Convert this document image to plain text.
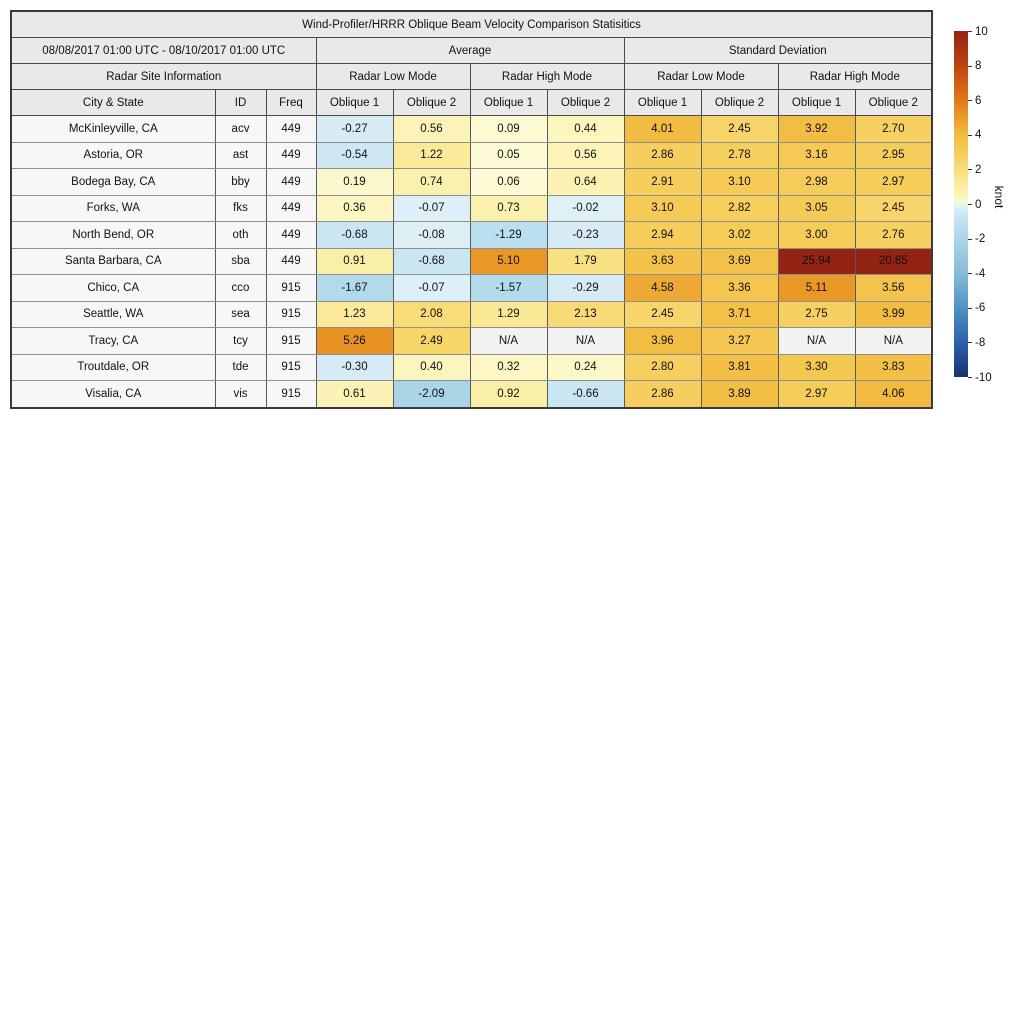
Wind-Profiler/HRRR Oblique Beam Velocity Comparison Statisitics										
08/08/2017 01:00 UTC - 08/10/2017 01:00 UTC			Average				Standard Deviation			
Radar Site Information			Radar Low Mode		Radar High Mode		Radar Low Mode		Radar High Mode	
City & State	ID	Freq	Oblique 1	Oblique 2	Oblique 1	Oblique 2	Oblique 1	Oblique 2	Oblique 1	Oblique 2
McKinleyville, CA	acv	449	-0.27	0.56	0.09	0.44	4.01	2.45	3.92	2.70
Astoria, OR	ast	449	-0.54	1.22	0.05	0.56	2.86	2.78	3.16	2.95
Bodega Bay, CA	bby	449	0.19	0.74	0.06	0.64	2.91	3.10	2.98	2.97
Forks, WA	fks	449	0.36	-0.07	0.73	-0.02	3.10	2.82	3.05	2.45
North Bend, OR	oth	449	-0.68	-0.08	-1.29	-0.23	2.94	3.02	3.00	2.76
Santa Barbara, CA	sba	449	0.91	-0.68	5.10	1.79	3.63	3.69	25.94	20.85
Chico, CA	cco	915	-1.67	-0.07	-1.57	-0.29	4.58	3.36	5.11	3.56
Seattle, WA	sea	915	1.23	2.08	1.29	2.13	2.45	3.71	2.75	3.99
Tracy, CA	tcy	915	5.26	2.49	N/A	N/A	3.96	3.27	N/A	N/A
Troutdale, OR	tde	915	-0.30	0.40	0.32	0.24	2.80	3.81	3.30	3.83
Visalia, CA	vis	915	0.61	-2.09	0.92	-0.66	2.86	3.89	2.97	4.06
knot
10
8
6
4
2
0
-2
-4
-6
-8
-10
